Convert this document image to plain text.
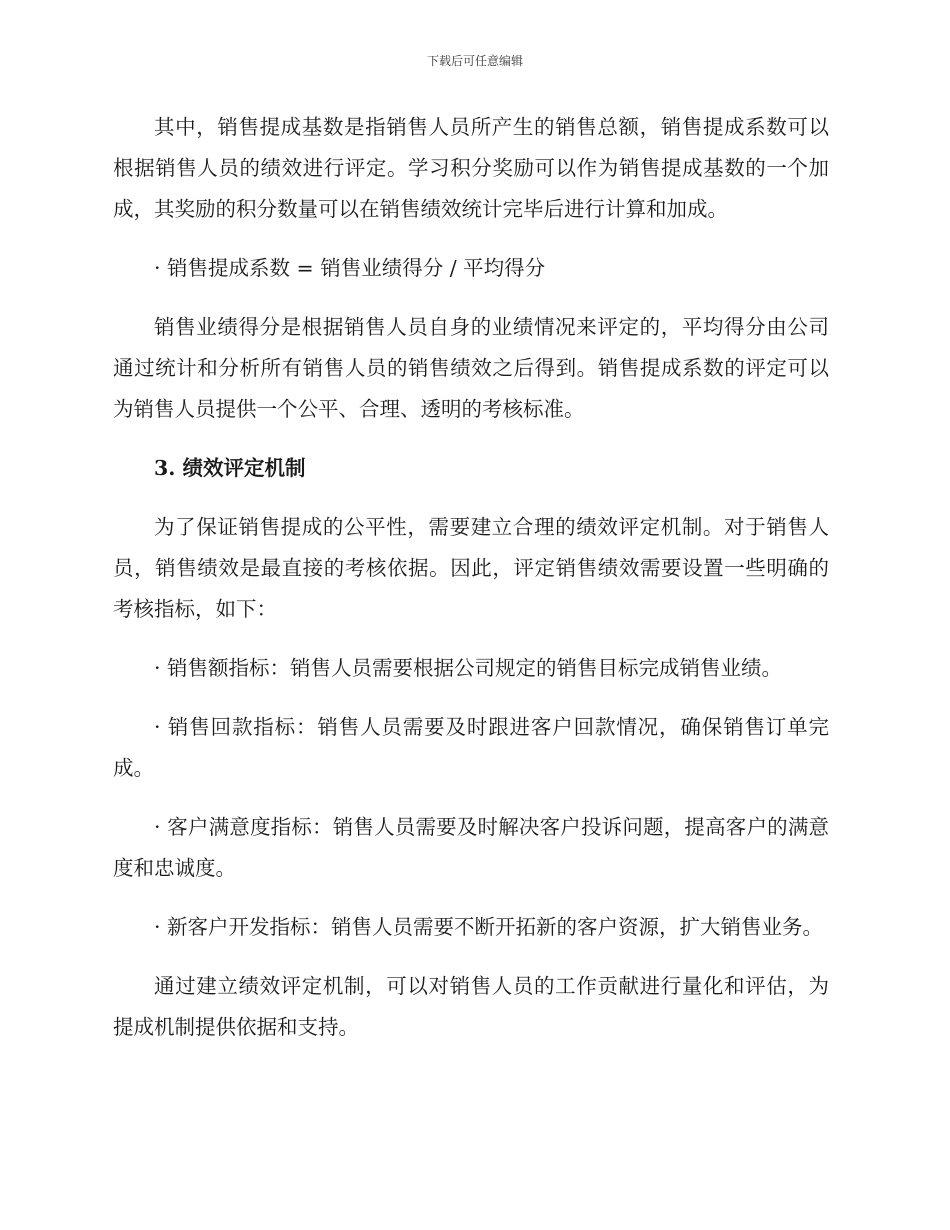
下载后可任意编辑

其中，销售提成基数是指销售人员所产生的销售总额，销售提成系数可以根据销售人员的绩效进行评定。学习积分奖励可以作为销售提成基数的一个加成，其奖励的积分数量可以在销售绩效统计完毕后进行计算和加成。

· 销售提成系数 = 销售业绩得分 / 平均得分

销售业绩得分是根据销售人员自身的业绩情况来评定的，平均得分由公司通过统计和分析所有销售人员的销售绩效之后得到。销售提成系数的评定可以为销售人员提供一个公平、合理、透明的考核标准。

3. 绩效评定机制

为了保证销售提成的公平性，需要建立合理的绩效评定机制。对于销售人员，销售绩效是最直接的考核依据。因此，评定销售绩效需要设置一些明确的考核指标，如下：

· 销售额指标：销售人员需要根据公司规定的销售目标完成销售业绩。

· 销售回款指标：销售人员需要及时跟进客户回款情况，确保销售订单完成。

· 客户满意度指标：销售人员需要及时解决客户投诉问题，提高客户的满意度和忠诚度。

· 新客户开发指标：销售人员需要不断开拓新的客户资源，扩大销售业务。

通过建立绩效评定机制，可以对销售人员的工作贡献进行量化和评估，为提成机制提供依据和支持。
